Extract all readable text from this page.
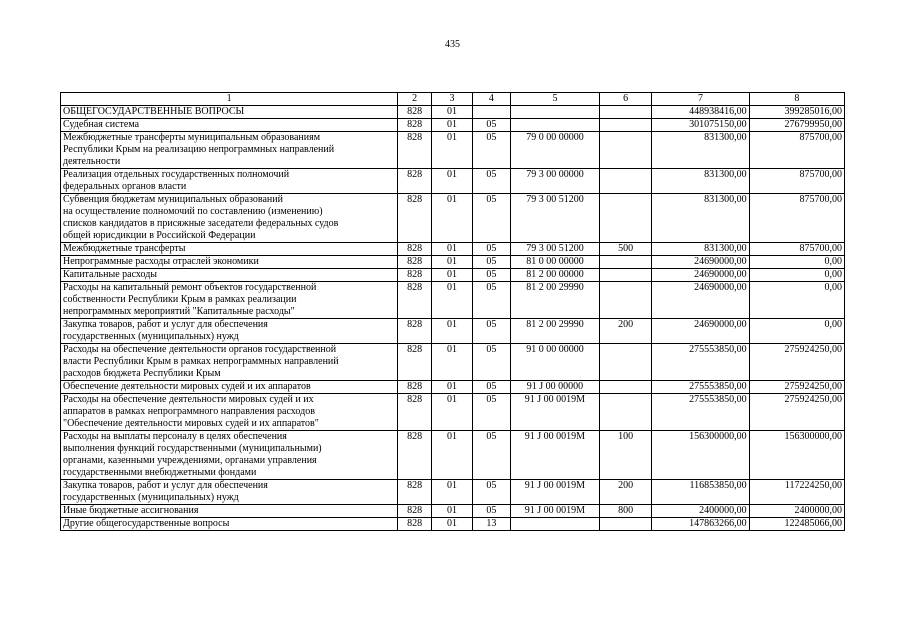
435
1	2	3	4	5	6	7	8

ОБЩЕГОСУДАРСТВЕННЫЕ ВОПРОСЫ	828	01				448938416,00	399285016,00

Судебная система	828	01	05			301075150,00	276799950,00

Межбюджетные трансферты муниципальным образованиям
Республики Крым на реализацию непрограммных направлений
деятельности	828	01	05	79 0 00 00000		831300,00	875700,00

Реализация отдельных государственных полномочий
федеральных органов власти	828	01	05	79 3 00 00000		831300,00	875700,00

Субвенция бюджетам муниципальных образований
на осуществление полномочий по составлению (изменению)
списков кандидатов в присяжные заседатели федеральных судов
общей юрисдикции в Российской Федерации	828	01	05	79 3 00 51200		831300,00	875700,00

Межбюджетные трансферты	828	01	05	79 3 00 51200	500	831300,00	875700,00

Непрограммные расходы отраслей экономики	828	01	05	81 0 00 00000		24690000,00	0,00

Капитальные расходы	828	01	05	81 2 00 00000		24690000,00	0,00

Расходы на капитальный ремонт объектов государственной
собственности Республики Крым в рамках реализации
непрограммных мероприятий "Капитальные расходы"	828	01	05	81 2 00 29990		24690000,00	0,00

Закупка товаров, работ и услуг для обеспечения
государственных (муниципальных) нужд	828	01	05	81 2 00 29990	200	24690000,00	0,00

Расходы на обеспечение деятельности органов государственной
власти Республики Крым в рамках непрограммных направлений
расходов бюджета Республики Крым	828	01	05	91 0 00 00000		275553850,00	275924250,00

Обеспечение деятельности мировых судей и их аппаратов	828	01	05	91 J 00 00000		275553850,00	275924250,00

Расходы на обеспечение деятельности мировых судей и их
аппаратов в рамках непрограммного направления расходов
"Обеспечение деятельности мировых судей и их аппаратов"	828	01	05	91 J 00 0019М		275553850,00	275924250,00

Расходы на выплаты персоналу в целях обеспечения
выполнения функций государственными (муниципальными)
органами, казенными учреждениями, органами управления
государственными внебюджетными фондами	828	01	05	91 J 00 0019М	100	156300000,00	156300000,00

Закупка товаров, работ и услуг для обеспечения
государственных (муниципальных) нужд	828	01	05	91 J 00 0019М	200	116853850,00	117224250,00

Иные бюджетные ассигнования	828	01	05	91 J 00 0019М	800	2400000,00	2400000,00

Другие общегосударственные вопросы	828	01	13			147863266,00	122485066,00
